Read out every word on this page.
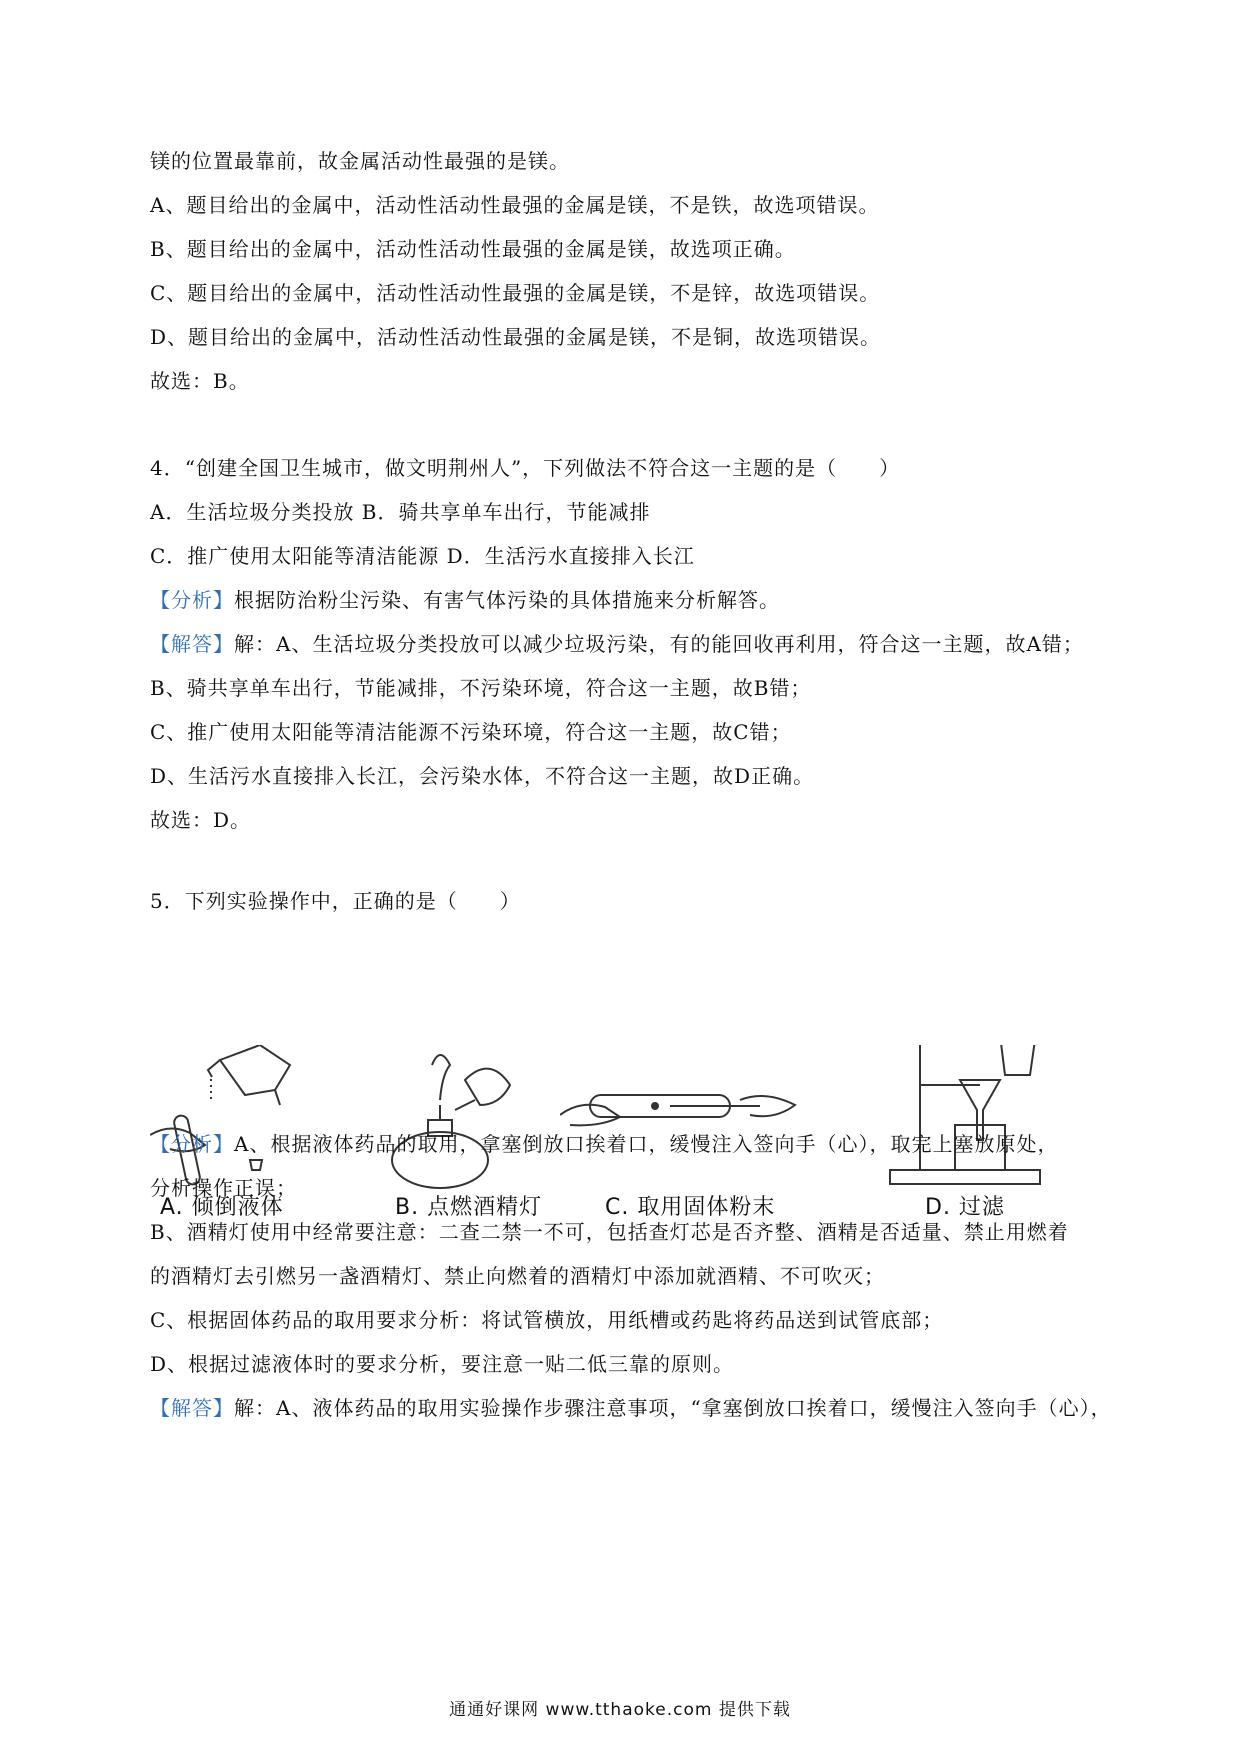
镁的位置最靠前，故金属活动性最强的是镁。
A、题目给出的金属中，活动性活动性最强的金属是镁，不是铁，故选项错误。
B、题目给出的金属中，活动性活动性最强的金属是镁，故选项正确。
C、题目给出的金属中，活动性活动性最强的金属是镁，不是锌，故选项错误。
D、题目给出的金属中，活动性活动性最强的金属是镁，不是铜，故选项错误。
故选：B。
4．“创建全国卫生城市，做文明荆州人”，下列做法不符合这一主题的是（　　）
A．生活垃圾分类投放 B．骑共享单车出行，节能减排
C．推广使用太阳能等清洁能源 D．生活污水直接排入长江
【分析】根据防治粉尘污染、有害气体污染的具体措施来分析解答。
【解答】解：A、生活垃圾分类投放可以减少垃圾污染，有的能回收再利用，符合这一主题，故A错；
B、骑共享单车出行，节能减排，不污染环境，符合这一主题，故B错；
C、推广使用太阳能等清洁能源不污染环境，符合这一主题，故C错；
D、生活污水直接排入长江，会污染水体，不符合这一主题，故D正确。
故选：D。
5．下列实验操作中，正确的是（　　）
A. 倾倒液体	B. 点燃酒精灯	C. 取用固体粉末	D. 过滤
【分析】A、根据液体药品的取用，拿塞倒放口挨着口，缓慢注入签向手（心），取完上塞放原处，
分析操作正误；
B、酒精灯使用中经常要注意：二查二禁一不可，包括查灯芯是否齐整、酒精是否适量、禁止用燃着
的酒精灯去引燃另一盏酒精灯、禁止向燃着的酒精灯中添加就酒精、不可吹灭；
C、根据固体药品的取用要求分析：将试管横放，用纸槽或药匙将药品送到试管底部；
D、根据过滤液体时的要求分析，要注意一贴二低三靠的原则。
【解答】解：A、液体药品的取用实验操作步骤注意事项，“拿塞倒放口挨着口，缓慢注入签向手（心），
通通好课网 www.tthaoke.com 提供下载
